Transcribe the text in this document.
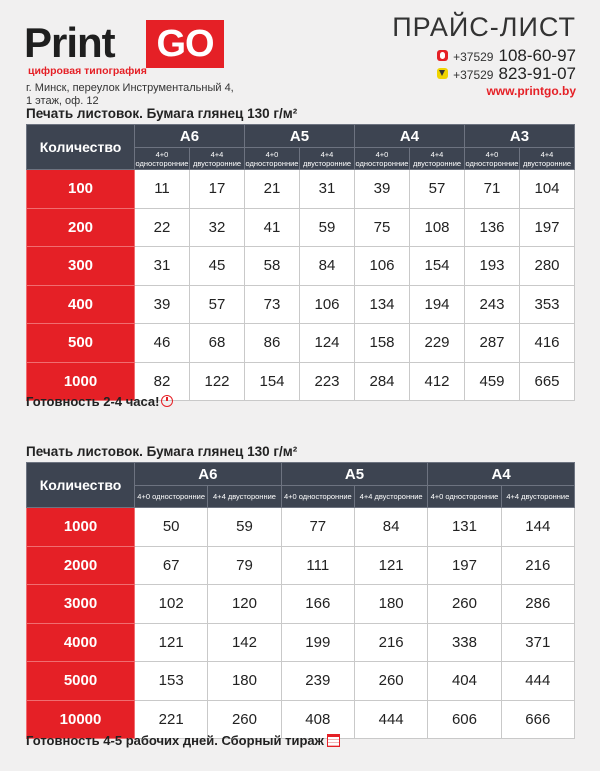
Print GO
цифровая типография
г. Минск, переулок Инструментальный 4,
1 этаж, оф. 12
ПРАЙС-ЛИСТ
+37529 108-60-97
+37529 823-91-07
www.printgo.by
Печать листовок. Бумага глянец 130 г/м²
Количество	A6		A5		A4		A3	
	4+0 односторонние	4+4 двусторонние	4+0 односторонние	4+4 двусторонние	4+0 односторонние	4+4 двусторонние	4+0 односторонние	4+4 двусторонние
100	11	17	21	31	39	57	71	104
200	22	32	41	59	75	108	136	197
300	31	45	58	84	106	154	193	280
400	39	57	73	106	134	194	243	353
500	46	68	86	124	158	229	287	416
1000	82	122	154	223	284	412	459	665
Готовность 2-4 часа!
Печать листовок. Бумага глянец 130 г/м²
Количество	A6		A5		A4	
	4+0 односторонние	4+4 двусторонние	4+0 односторонние	4+4 двусторонние	4+0 односторонние	4+4 двусторонние
1000	50	59	77	84	131	144
2000	67	79	111	121	197	216
3000	102	120	166	180	260	286
4000	121	142	199	216	338	371
5000	153	180	239	260	404	444
10000	221	260	408	444	606	666
Готовность 4-5 рабочих дней. Сборный тираж
